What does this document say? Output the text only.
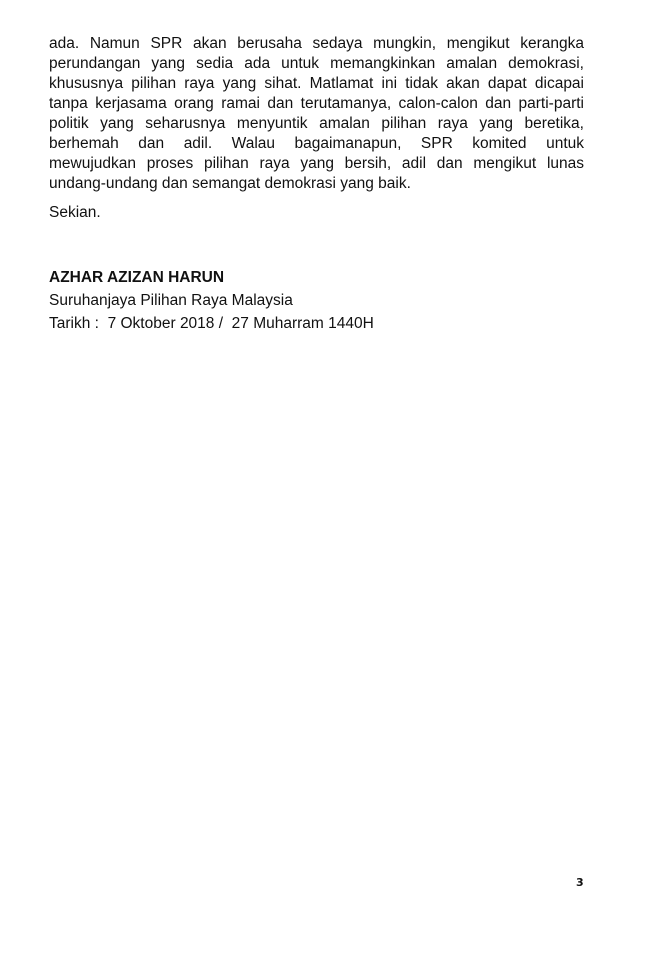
ada. Namun SPR akan berusaha sedaya mungkin, mengikut kerangka
perundangan yang sedia ada untuk memangkinkan amalan demokrasi,
khususnya pilihan raya yang sihat. Matlamat ini tidak akan dapat dicapai
tanpa kerjasama orang ramai dan terutamanya, calon-calon dan parti-parti
politik yang seharusnya menyuntik amalan pilihan raya yang beretika,
berhemah dan adil. Walau bagaimanapun, SPR komited untuk
mewujudkan proses pilihan raya yang bersih, adil dan mengikut lunas
undang-undang dan semangat demokrasi yang baik.

Sekian.

AZHAR AZIZAN HARUN

Suruhanjaya Pilihan Raya Malaysia

Tarikh :  7 Oktober 2018 /  27 Muharram 1440H

3
